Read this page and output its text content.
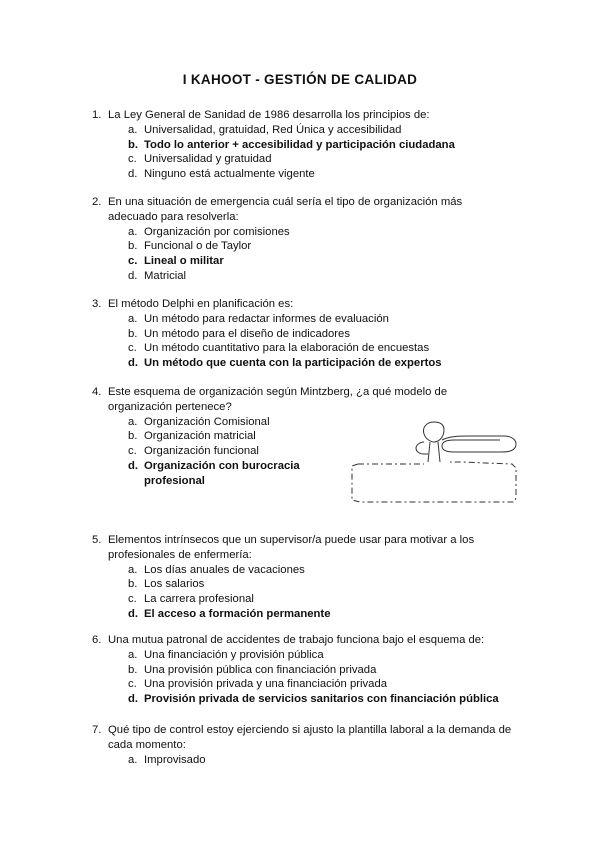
I KAHOOT - GESTIÓN DE CALIDAD
1. La Ley General de Sanidad de 1986 desarrolla los principios de:
a. Universalidad, gratuidad, Red Única y accesibilidad
b. Todo lo anterior + accesibilidad y participación ciudadana
c. Universalidad y gratuidad
d. Ninguno está actualmente vigente
2. En una situación de emergencia cuál sería el tipo de organización más adecuado para resolverla:
a. Organización por comisiones
b. Funcional o de Taylor
c. Lineal o militar
d. Matricial
3. El método Delphi en planificación es:
a. Un método para redactar informes de evaluación
b. Un método para el diseño de indicadores
c. Un método cuantitativo para la elaboración de encuestas
d. Un método que cuenta con la participación de expertos
4. Este esquema de organización según Mintzberg, ¿a qué modelo de organización pertenece?
a. Organización Comisional
b. Organización matricial
c. Organización funcional
d. Organización con burocracia profesional
5. Elementos intrínsecos que un supervisor/a puede usar para motivar a los profesionales de enfermería:
a. Los días anuales de vacaciones
b. Los salarios
c. La carrera profesional
d. El acceso a formación permanente
6. Una mutua patronal de accidentes de trabajo funciona bajo el esquema de:
a. Una financiación y provisión pública
b. Una provisión pública con financiación privada
c. Una provisión privada y una financiación privada
d. Provisión privada de servicios sanitarios con financiación pública
7. Qué tipo de control estoy ejerciendo si ajusto la plantilla laboral a la demanda de cada momento:
a. Improvisado
